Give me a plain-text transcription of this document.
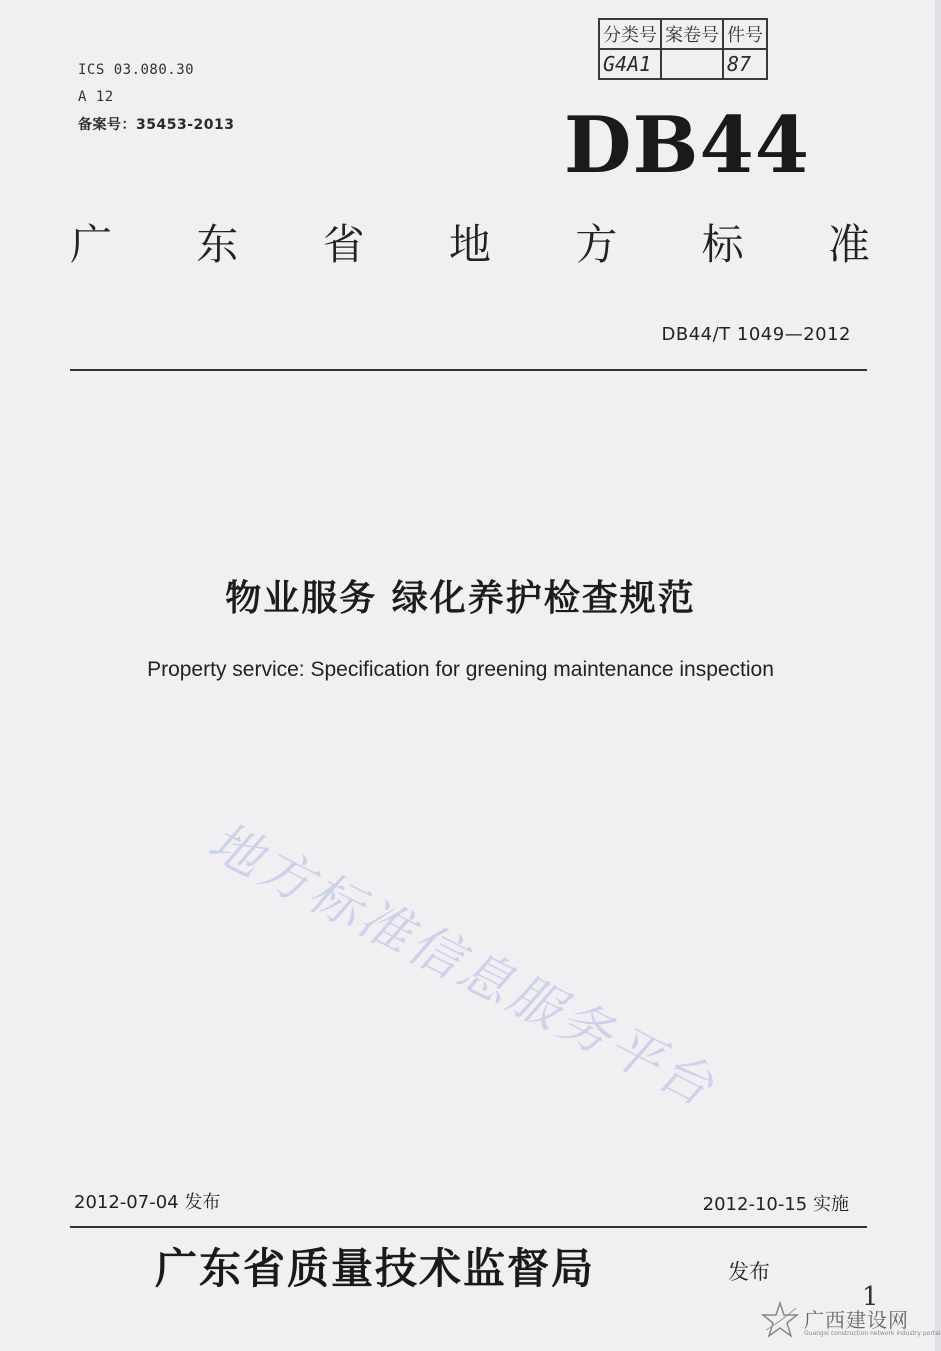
ICS 03.080.30
A 12
备案号：35453-2013
分类号	案卷号	件号
G4A1		87
DB44
广 东 省 地 方 标 准
DB44/T 1049—2012
物业服务 绿化养护检查规范
Property service: Specification for greening maintenance inspection
地方标准信息服务平台
2012-07-04 发布	2012-10-15 实施
广东省质量技术监督局	发布
1
广西建设网
Guangxi construction network industry portal
